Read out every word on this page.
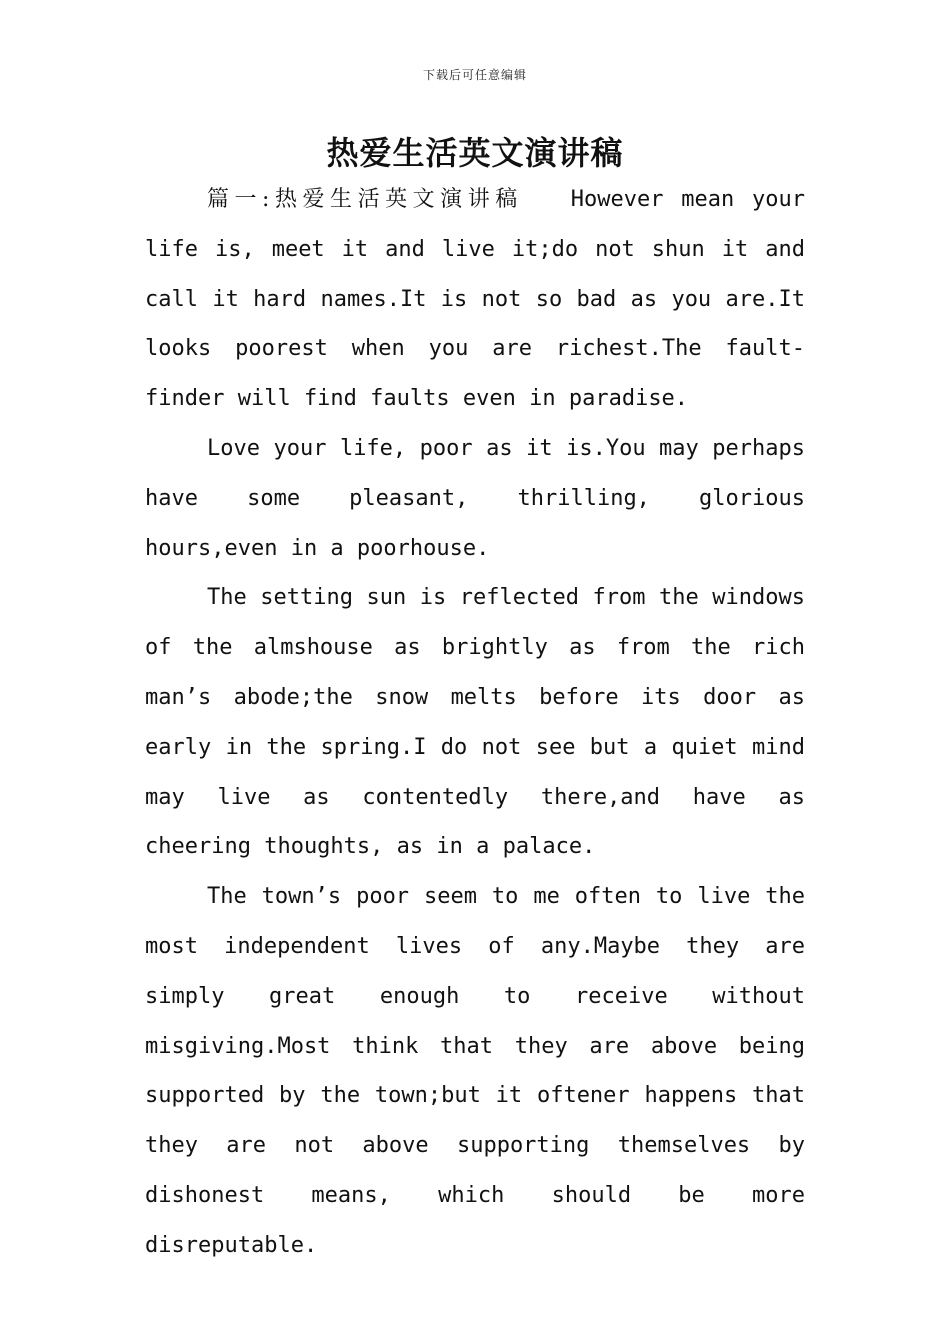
下载后可任意编辑
热爱生活英文演讲稿

篇一:热爱生活英文演讲稿 However mean your life is, meet it and live it;do not shun it and call it hard names.It is not so bad as you are.It looks poorest when you are richest.The fault-finder will find faults even in paradise.

Love your life, poor as it is.You may perhaps have some pleasant, thrilling, glorious hours,even in a poorhouse.

The setting sun is reflected from the windows of the almshouse as brightly as from the rich man’s abode;the snow melts before its door as early in the spring.I do not see but a quiet mind may live as contentedly there,and have as cheering thoughts, as in a palace.

The town’s poor seem to me often to live the most independent lives of any.Maybe they are simply great enough to receive without misgiving.Most think that they are above being supported by the town;but it oftener happens that they are not above supporting themselves by dishonest means, which should be more disreputable.
